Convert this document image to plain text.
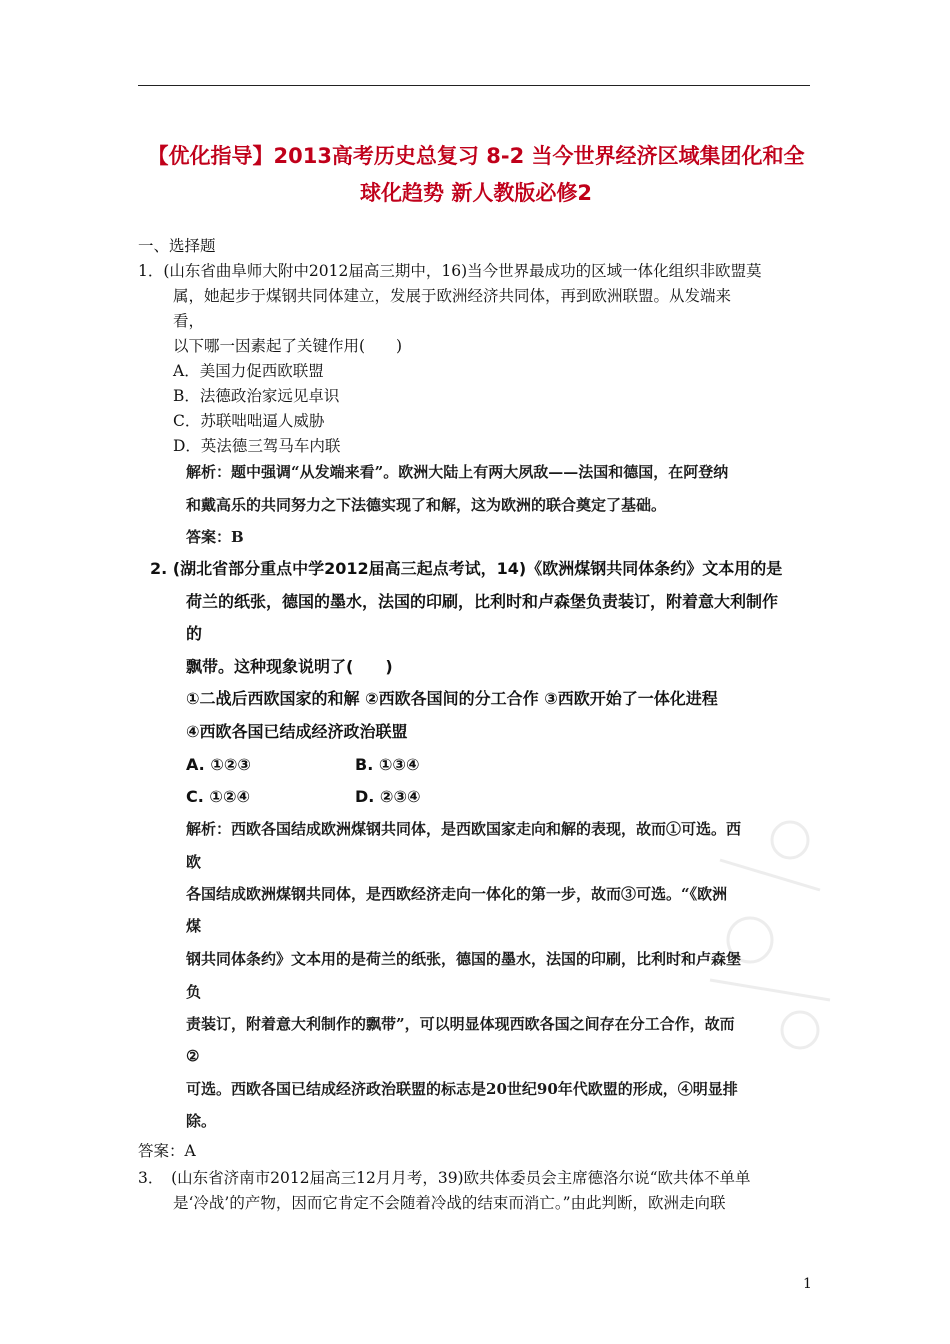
【优化指导】2013高考历史总复习 8-2 当今世界经济区域集团化和全
球化趋势 新人教版必修2
一、选择题
1．(山东省曲阜师大附中2012届高三期中，16)当今世界最成功的区域一体化组织非欧盟莫
属，她起步于煤钢共同体建立，发展于欧洲经济共同体，再到欧洲联盟。从发端来
看，
以下哪一因素起了关键作用(　　)
A．美国力促西欧联盟
B．法德政治家远见卓识
C．苏联咄咄逼人威胁
D．英法德三驾马车内联
解析：题中强调“从发端来看”。欧洲大陆上有两大夙敌——法国和德国，在阿登纳
和戴高乐的共同努力之下法德实现了和解，这为欧洲的联合奠定了基础。
答案：B
2. (湖北省部分重点中学2012届高三起点考试，14)《欧洲煤钢共同体条约》文本用的是
荷兰的纸张，德国的墨水，法国的印刷，比利时和卢森堡负责装订，附着意大利制作
的
飘带。这种现象说明了(　　)
①二战后西欧国家的和解 ②西欧各国间的分工合作 ③西欧开始了一体化进程
④西欧各国已结成经济政治联盟
A. ①②③	B. ①③④
C. ①②④	D. ②③④
解析：西欧各国结成欧洲煤钢共同体，是西欧国家走向和解的表现，故而①可选。西
欧
各国结成欧洲煤钢共同体，是西欧经济走向一体化的第一步，故而③可选。“《欧洲
煤
钢共同体条约》文本用的是荷兰的纸张，德国的墨水，法国的印刷，比利时和卢森堡
负
责装订，附着意大利制作的飘带”，可以明显体现西欧各国之间存在分工合作，故而
②
可选。西欧各国已结成经济政治联盟的标志是20世纪90年代欧盟的形成，④明显排
除。
答案：A
3．　(山东省济南市2012届高三12月月考，39)欧共体委员会主席德洛尔说“欧共体不单单
是‘冷战’的产物，因而它肯定不会随着冷战的结束而消亡。”由此判断，欧洲走向联
1
